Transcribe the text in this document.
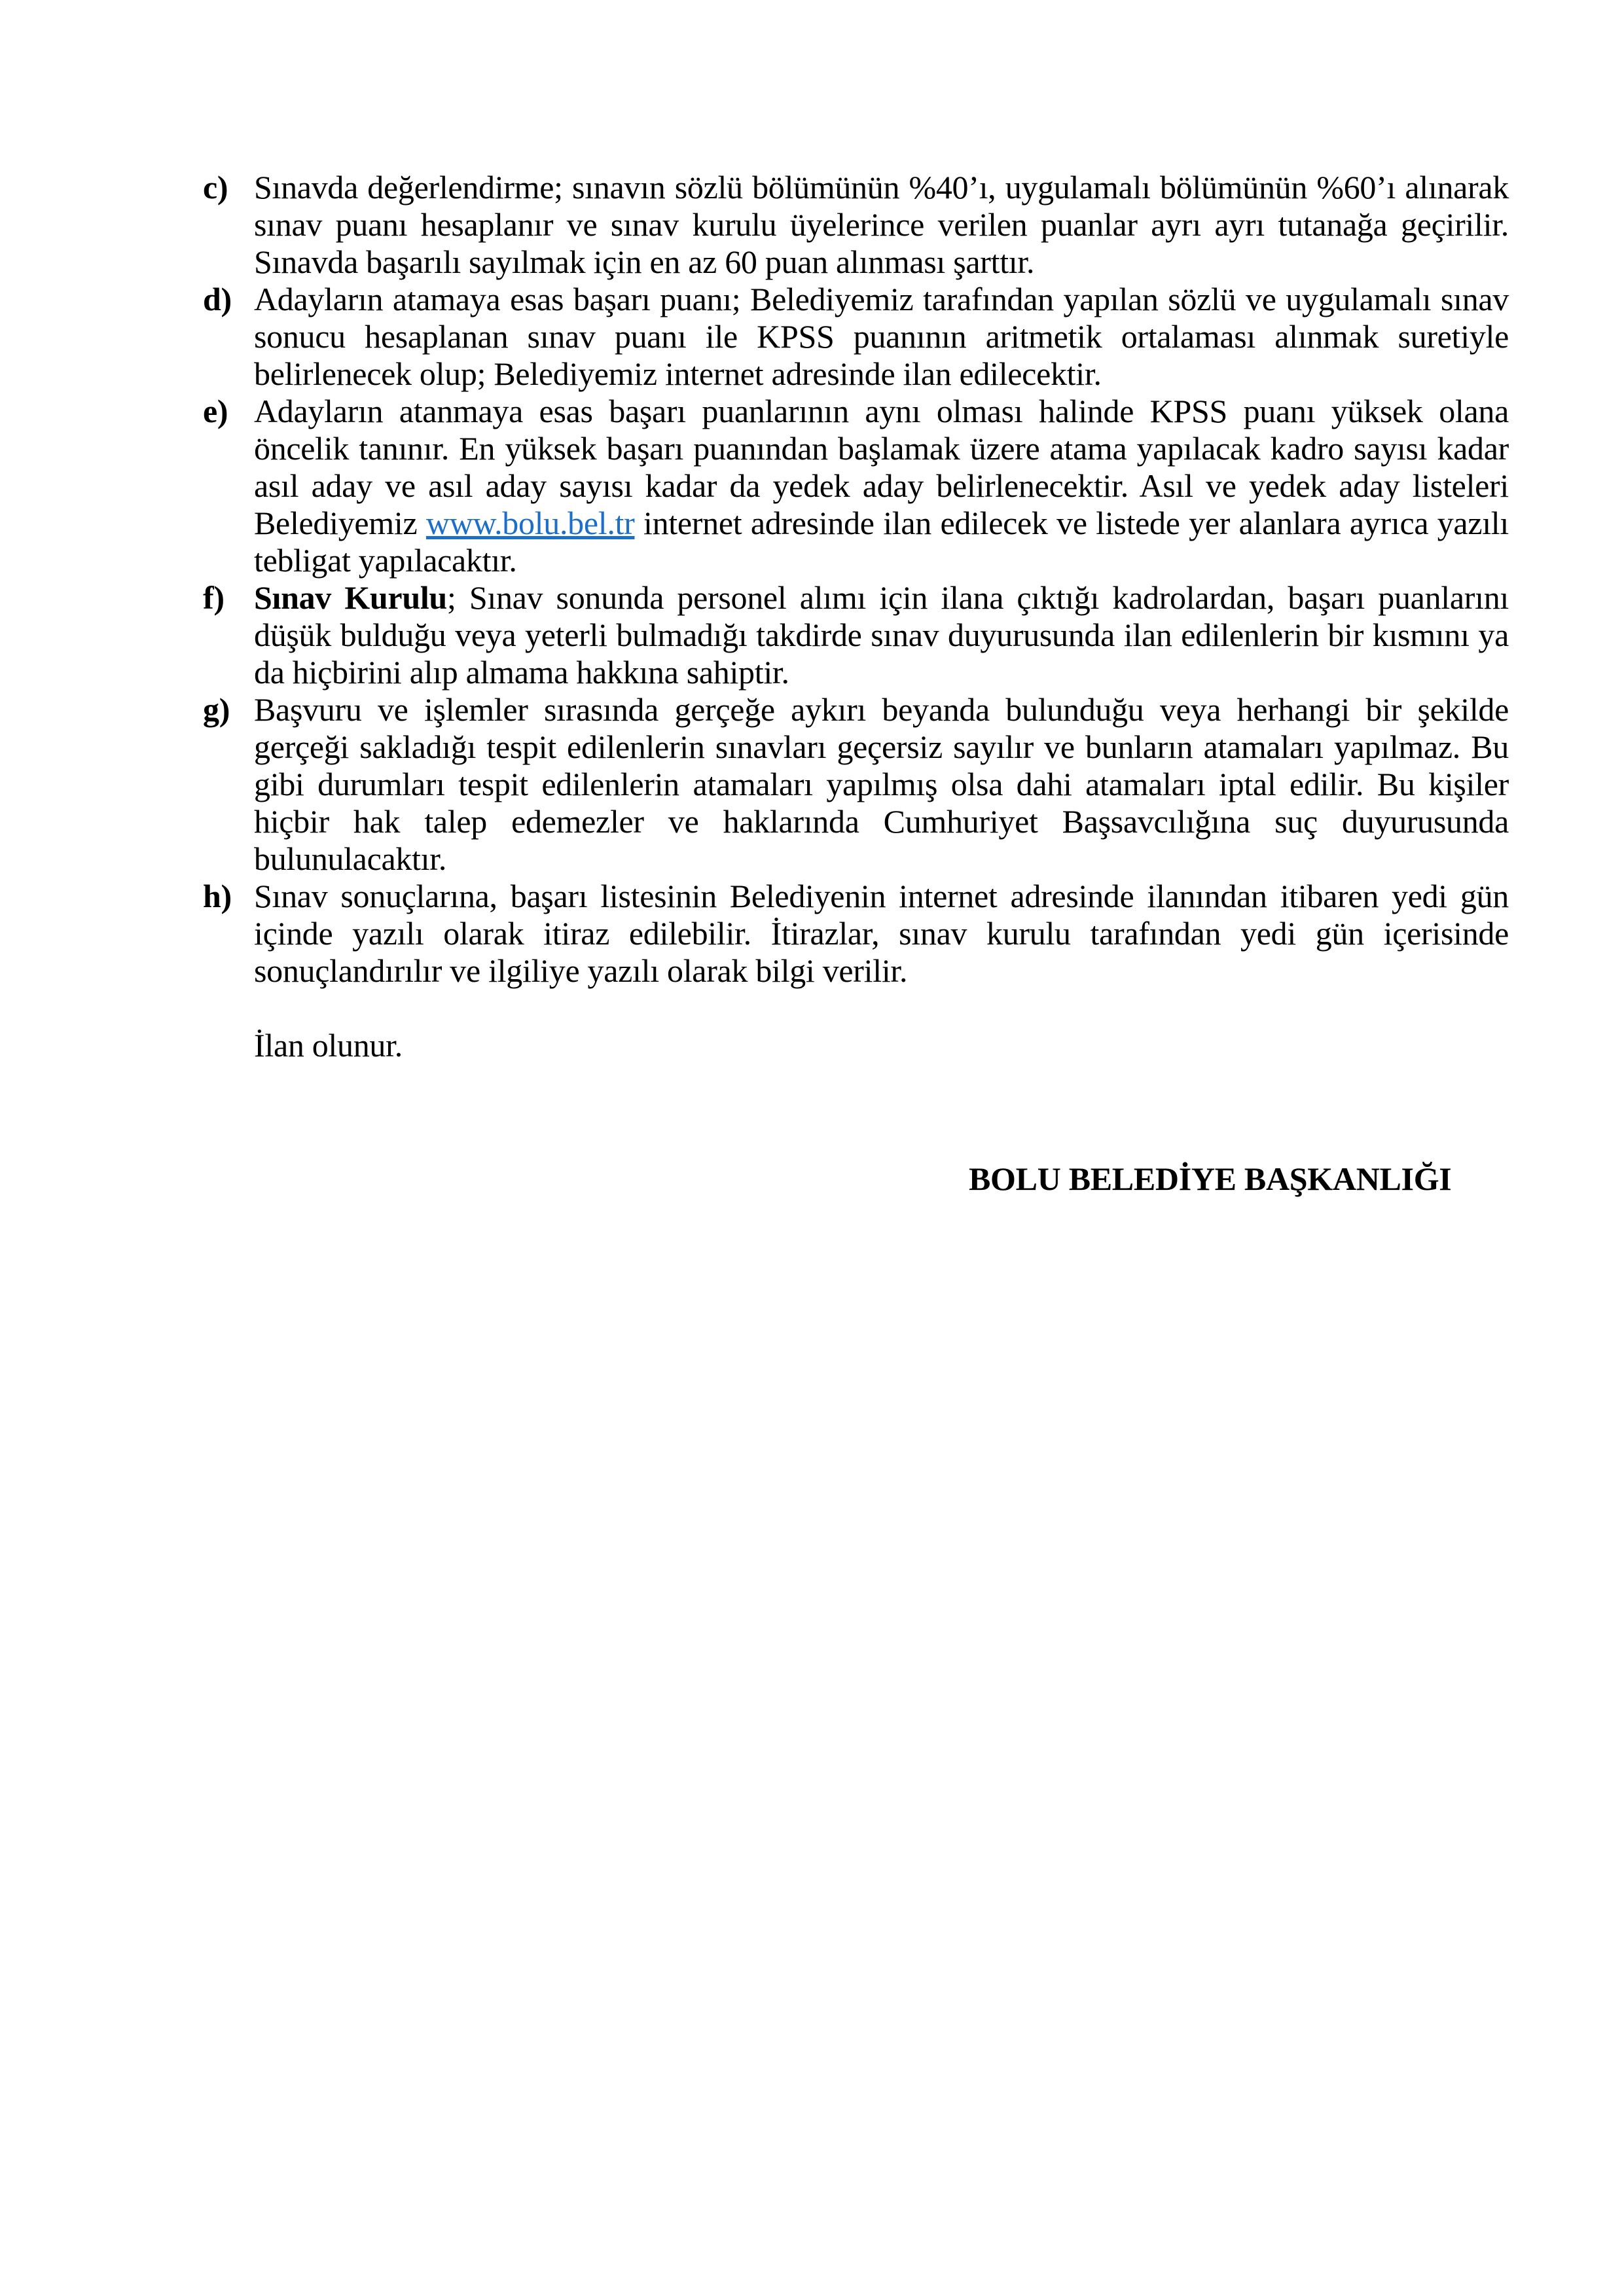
c) Sınavda değerlendirme; sınavın sözlü bölümünün %40’ı, uygulamalı bölümünün %60’ı alınarak sınav puanı hesaplanır ve sınav kurulu üyelerince verilen puanlar ayrı ayrı tutanağa geçirilir. Sınavda başarılı sayılmak için en az 60 puan alınması şarttır.
d) Adayların atamaya esas başarı puanı; Belediyemiz tarafından yapılan sözlü ve uygulamalı sınav sonucu hesaplanan sınav puanı ile KPSS puanının aritmetik ortalaması alınmak suretiyle belirlenecek olup; Belediyemiz internet adresinde ilan edilecektir.
e) Adayların atanmaya esas başarı puanlarının aynı olması halinde KPSS puanı yüksek olana öncelik tanınır. En yüksek başarı puanından başlamak üzere atama yapılacak kadro sayısı kadar asıl aday ve asıl aday sayısı kadar da yedek aday belirlenecektir. Asıl ve yedek aday listeleri Belediyemiz www.bolu.bel.tr internet adresinde ilan edilecek ve listede yer alanlara ayrıca yazılı tebligat yapılacaktır.
f) Sınav Kurulu; Sınav sonunda personel alımı için ilana çıktığı kadrolardan, başarı puanlarını düşük bulduğu veya yeterli bulmadığı takdirde sınav duyurusunda ilan edilenlerin bir kısmını ya da hiçbirini alıp almama hakkına sahiptir.
g) Başvuru ve işlemler sırasında gerçeğe aykırı beyanda bulunduğu veya herhangi bir şekilde gerçeği sakladığı tespit edilenlerin sınavları geçersiz sayılır ve bunların atamaları yapılmaz. Bu gibi durumları tespit edilenlerin atamaları yapılmış olsa dahi atamaları iptal edilir. Bu kişiler hiçbir hak talep edemezler ve haklarında Cumhuriyet Başsavcılığına suç duyurusunda bulunulacaktır.
h) Sınav sonuçlarına, başarı listesinin Belediyenin internet adresinde ilanından itibaren yedi gün içinde yazılı olarak itiraz edilebilir. İtirazlar, sınav kurulu tarafından yedi gün içerisinde sonuçlandırılır ve ilgiliye yazılı olarak bilgi verilir.
İlan olunur.
BOLU BELEDİYE BAŞKANLIĞI
